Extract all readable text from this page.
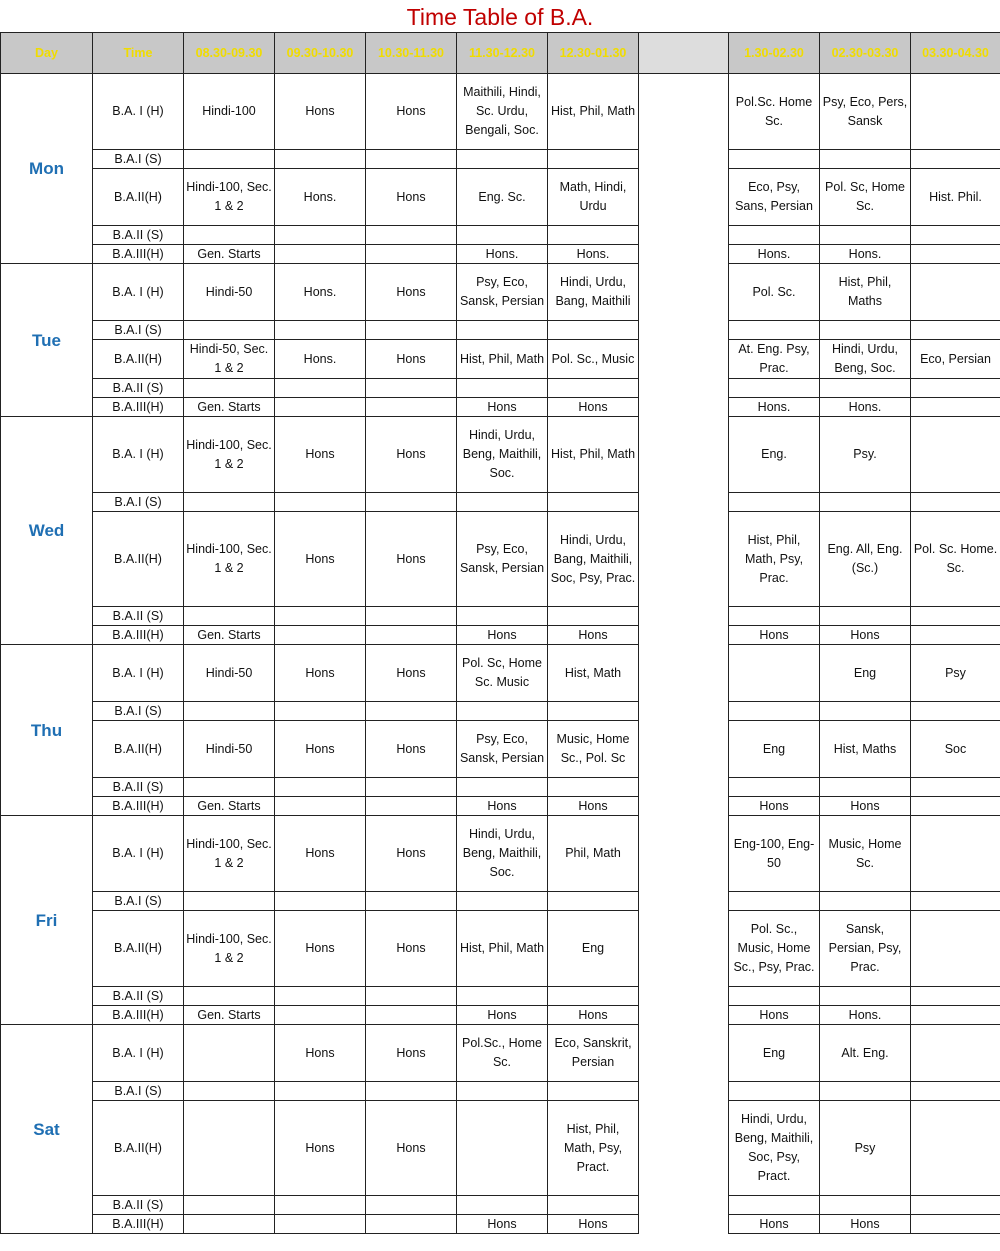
Time Table of B.A.
Day	Time	08.30-09.30	09.30-10.30	10.30-11.30	11.30-12.30	12.30-01.30		1.30-02.30	02.30-03.30	03.30-04.30
Mon	B.A. I (H)	Hindi-100	Hons	Hons	Maithili, Hindi, Sc. Urdu, Bengali, Soc.	Hist, Phil, Math		Pol.Sc. Home Sc.	Psy, Eco, Pers, Sansk	
	B.A.I (S)									
	B.A.II(H)	Hindi-100, Sec. 1 & 2	Hons.	Hons	Eng. Sc.	Math, Hindi, Urdu		Eco, Psy, Sans, Persian	Pol. Sc, Home Sc.	Hist. Phil.
	B.A.II (S)									
	B.A.III(H)	Gen. Starts			Hons.	Hons.		Hons.	Hons.	
Tue	B.A. I (H)	Hindi-50	Hons.	Hons	Psy, Eco, Sansk, Persian	Hindi, Urdu, Bang, Maithili		Pol. Sc.	Hist, Phil, Maths	
	B.A.I (S)									
	B.A.II(H)	Hindi-50, Sec. 1 & 2	Hons.	Hons	Hist, Phil, Math	Pol. Sc., Music		At. Eng. Psy, Prac.	Hindi, Urdu, Beng, Soc.	Eco, Persian
	B.A.II (S)									
	B.A.III(H)	Gen. Starts			Hons	Hons		Hons.	Hons.	
Wed	B.A. I (H)	Hindi-100, Sec. 1 & 2	Hons	Hons	Hindi, Urdu, Beng, Maithili, Soc.	Hist, Phil, Math		Eng.	Psy.	
	B.A.I (S)									
	B.A.II(H)	Hindi-100, Sec. 1 & 2	Hons	Hons	Psy, Eco, Sansk, Persian	Hindi, Urdu, Bang, Maithili, Soc, Psy, Prac.		Hist, Phil, Math, Psy, Prac.	Eng. All, Eng. (Sc.)	Pol. Sc. Home. Sc.
	B.A.II (S)									
	B.A.III(H)	Gen. Starts			Hons	Hons		Hons	Hons	
Thu	B.A. I (H)	Hindi-50	Hons	Hons	Pol. Sc, Home Sc. Music	Hist, Math			Eng	Psy
	B.A.I (S)									
	B.A.II(H)	Hindi-50	Hons	Hons	Psy, Eco, Sansk, Persian	Music, Home Sc., Pol. Sc		Eng	Hist, Maths	Soc
	B.A.II (S)									
	B.A.III(H)	Gen. Starts			Hons	Hons		Hons	Hons	
Fri	B.A. I (H)	Hindi-100, Sec. 1 & 2	Hons	Hons	Hindi, Urdu, Beng, Maithili, Soc.	Phil, Math		Eng-100, Eng-50	Music, Home Sc.	
	B.A.I (S)									
	B.A.II(H)	Hindi-100, Sec. 1 & 2	Hons	Hons	Hist, Phil, Math	Eng		Pol. Sc., Music, Home Sc., Psy, Prac.	Sansk, Persian, Psy, Prac.	
	B.A.II (S)									
	B.A.III(H)	Gen. Starts			Hons	Hons		Hons	Hons.	
Sat	B.A. I (H)		Hons	Hons	Pol.Sc., Home Sc.	Eco, Sanskrit, Persian		Eng	Alt. Eng.	
	B.A.I (S)									
	B.A.II(H)		Hons	Hons		Hist, Phil, Math, Psy, Pract.		Hindi, Urdu, Beng, Maithili, Soc, Psy, Pract.	Psy	
	B.A.II (S)									
	B.A.III(H)				Hons	Hons		Hons	Hons	
